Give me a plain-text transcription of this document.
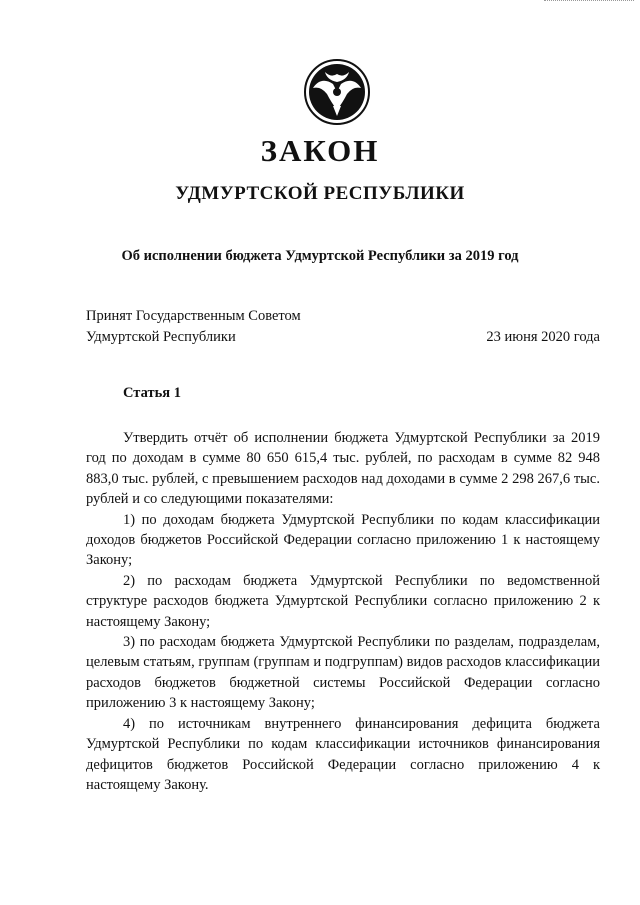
ЗАКОН
УДМУРТСКОЙ РЕСПУБЛИКИ
Об исполнении бюджета Удмуртской Республики за 2019 год
Принят Государственным Советом
Удмуртской Республики	23 июня 2020 года
Статья 1

Утвердить отчёт об исполнении бюджета Удмуртской Республики за 2019 год по доходам в сумме 80 650 615,4 тыс. рублей, по расходам в сумме 82 948 883,0 тыс. рублей, с превышением расходов над доходами в сумме 2 298 267,6 тыс. рублей и со следующими показателями:

1) по доходам бюджета Удмуртской Республики по кодам классификации доходов бюджетов Российской Федерации согласно приложению 1 к настоящему Закону;

2) по расходам бюджета Удмуртской Республики по ведомственной структуре расходов бюджета Удмуртской Республики согласно приложению 2 к настоящему Закону;

3) по расходам бюджета Удмуртской Республики по разделам, подразделам, целевым статьям, группам (группам и подгруппам) видов расходов классификации расходов бюджетов бюджетной системы Российской Федерации согласно приложению 3 к настоящему Закону;

4) по источникам внутреннего финансирования дефицита бюджета Удмуртской Республики по кодам классификации источников финансирования дефицитов бюджетов Российской Федерации согласно приложению 4 к настоящему Закону.
